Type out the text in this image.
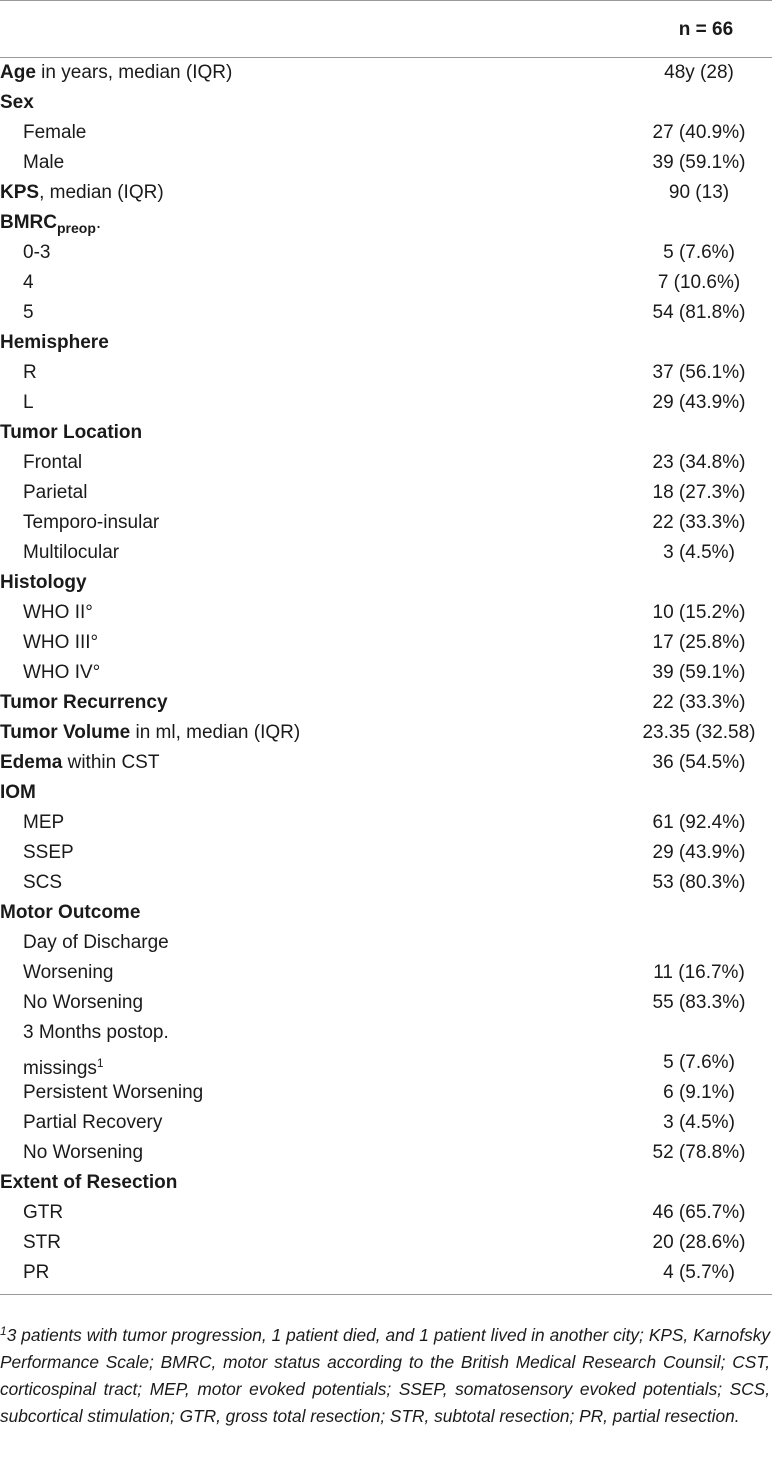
n = 66
Age in years, median (IQR)	48y (28)
Sex
Female	27 (40.9%)
Male	39 (59.1%)
KPS, median (IQR)	90 (13)
$BMRC_{preop}$.
0-3	5 (7.6%)
4	7 (10.6%)
5	54 (81.8%)
Hemisphere
R	37 (56.1%)
L	29 (43.9%)
Tumor Location
Frontal	23 (34.8%)
Parietal	18 (27.3%)
Temporo-insular	22 (33.3%)
Multilocular	3 (4.5%)
Histology
WHO II°	10 (15.2%)
WHO III°	17 (25.8%)
WHO IV°	39 (59.1%)
Tumor Recurrency	22 (33.3%)
Tumor Volume in ml, median (IQR)	23.35 (32.58)
Edema within CST	36 (54.5%)
IOM
MEP	61 (92.4%)
SSEP	29 (43.9%)
SCS	53 (80.3%)
Motor Outcome
Day of Discharge
Worsening	11 (16.7%)
No Worsening	55 (83.3%)
3 Months postop.
missings$^1$	5 (7.6%)
Persistent Worsening	6 (9.1%)
Partial Recovery	3 (4.5%)
No Worsening	52 (78.8%)
Extent of Resection
GTR	46 (65.7%)
STR	20 (28.6%)
PR	4 (5.7%)
$^1$3 patients with tumor progression, 1 patient died, and 1 patient lived in another city; KPS, Karnofsky Performance Scale; BMRC, motor status according to the British Medical Research Counsil; CST, corticospinal tract; MEP, motor evoked potentials; SSEP, somatosensory evoked potentials; SCS, subcortical stimulation; GTR, gross total resection; STR, subtotal resection; PR, partial resection.
